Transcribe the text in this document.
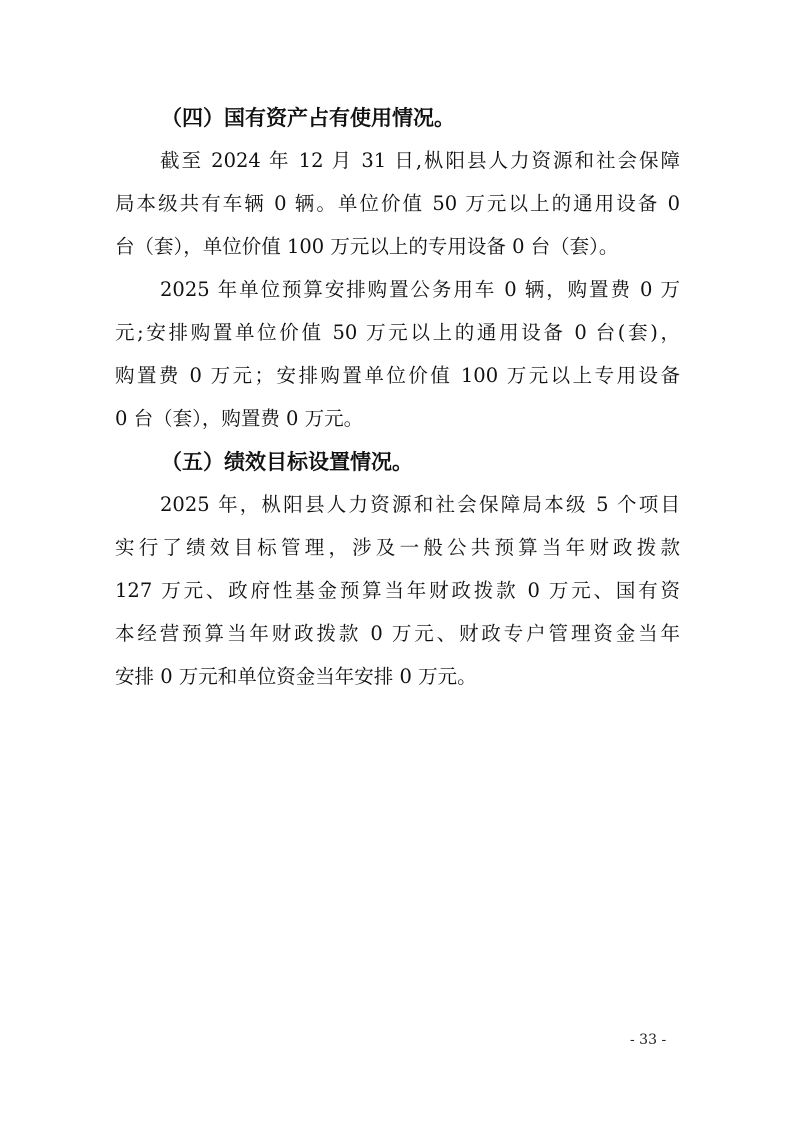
（四）国有资产占有使用情况。

截至 2024 年 12 月 31 日,枞阳县人力资源和社会保障
局本级共有车辆 0 辆。单位价值 50 万元以上的通用设备 0
台（套），单位价值 100 万元以上的专用设备 0 台（套）。

2025 年单位预算安排购置公务用车 0 辆，购置费 0 万
元;安排购置单位价值 50 万元以上的通用设备 0 台(套)，
购置费 0 万元；安排购置单位价值 100 万元以上专用设备
0 台（套），购置费 0 万元。

（五）绩效目标设置情况。

2025 年，枞阳县人力资源和社会保障局本级 5 个项目
实行了绩效目标管理，涉及一般公共预算当年财政拨款
127 万元、政府性基金预算当年财政拨款 0 万元、国有资
本经营预算当年财政拨款 0 万元、财政专户管理资金当年
安排 0 万元和单位资金当年安排 0 万元。

- 33 -
